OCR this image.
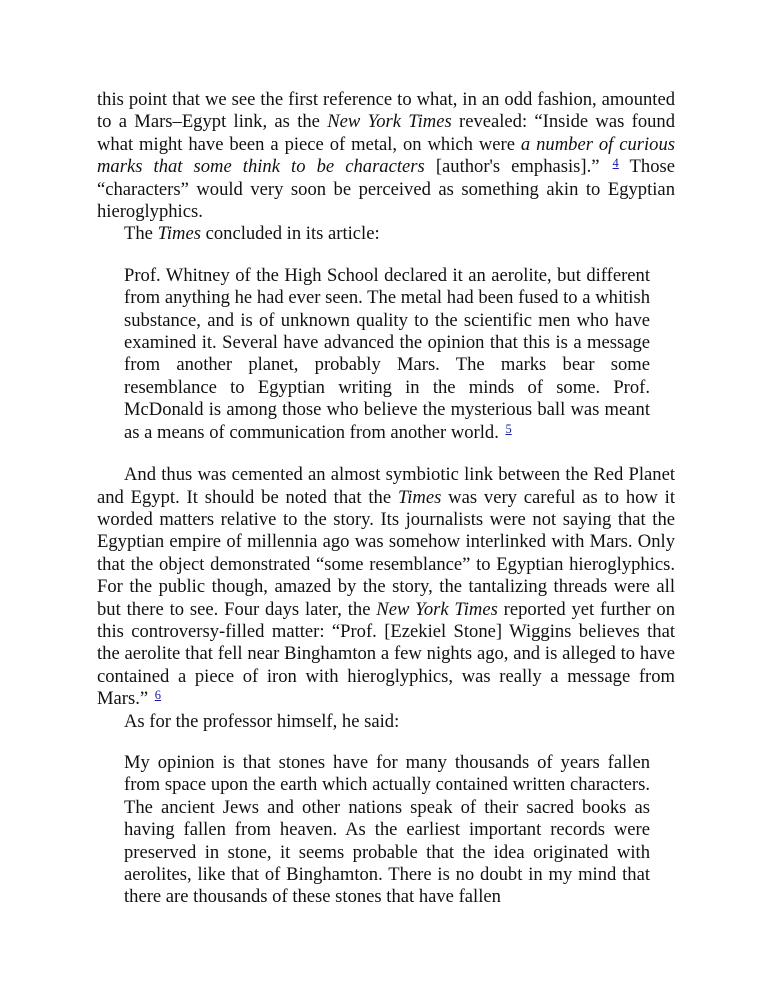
this point that we see the first reference to what, in an odd fashion, amounted to a Mars–Egypt link, as the New York Times revealed: “Inside was found what might have been a piece of metal, on which were a number of curious marks that some think to be characters [author's emphasis].” $^4$ Those “characters” would very soon be perceived as something akin to Egyptian hieroglyphics.

The Times concluded in its article:

Prof. Whitney of the High School declared it an aerolite, but different from anything he had ever seen. The metal had been fused to a whitish substance, and is of unknown quality to the scientific men who have examined it. Several have advanced the opinion that this is a message from another planet, probably Mars. The marks bear some resemblance to Egyptian writing in the minds of some. Prof. McDonald is among those who believe the mysterious ball was meant as a means of communication from another world. $^5$

And thus was cemented an almost symbiotic link between the Red Planet and Egypt. It should be noted that the Times was very careful as to how it worded matters relative to the story. Its journalists were not saying that the Egyptian empire of millennia ago was somehow interlinked with Mars. Only that the object demonstrated “some resemblance” to Egyptian hieroglyphics. For the public though, amazed by the story, the tantalizing threads were all but there to see. Four days later, the New York Times reported yet further on this controversy-filled matter: “Prof. [Ezekiel Stone] Wiggins believes that the aerolite that fell near Binghamton a few nights ago, and is alleged to have contained a piece of iron with hieroglyphics, was really a message from Mars.” $^6$

As for the professor himself, he said:

My opinion is that stones have for many thousands of years fallen from space upon the earth which actually contained written characters. The ancient Jews and other nations speak of their sacred books as having fallen from heaven. As the earliest important records were preserved in stone, it seems probable that the idea originated with aerolites, like that of Binghamton. There is no doubt in my mind that there are thousands of these stones that have fallen
